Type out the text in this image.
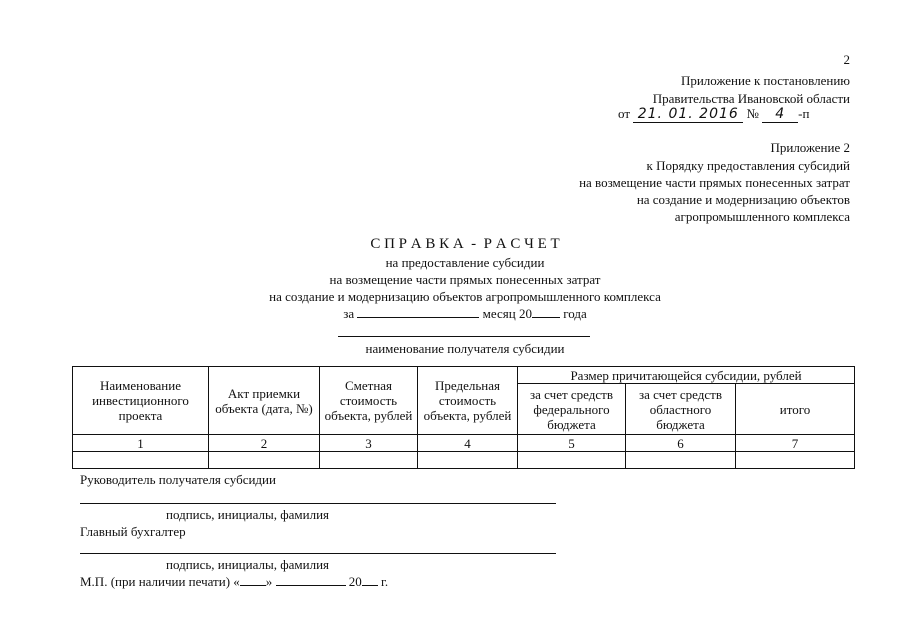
2
Приложение к постановлению
Правительства Ивановской области
от 21. 01. 2016 № 4 -п
Приложение 2
к Порядку предоставления субсидий
на возмещение части прямых понесенных затрат
на создание и модернизацию объектов
агропромышленного комплекса
С П Р А В К А  -  Р А С Ч Е Т
на предоставление субсидии
на возмещение части прямых понесенных затрат
на создание и модернизацию объектов агропромышленного комплекса
за	месяц 20 года
наименование получателя субсидии
Наименование инвестиционного проекта	Акт приемки объекта (дата, №)	Сметная стоимость объекта, рублей	Предельная стоимость объекта, рублей	Размер причитающейся субсидии, рублей		
				за счет средств федерального бюджета	за счет средств областного бюджета	итого
1	2	3	4	5	6	7

Руководитель получателя субсидии
подпись, инициалы, фамилия
Главный бухгалтер
подпись, инициалы, фамилия
М.П. (при наличии печати) « »	20 г.
